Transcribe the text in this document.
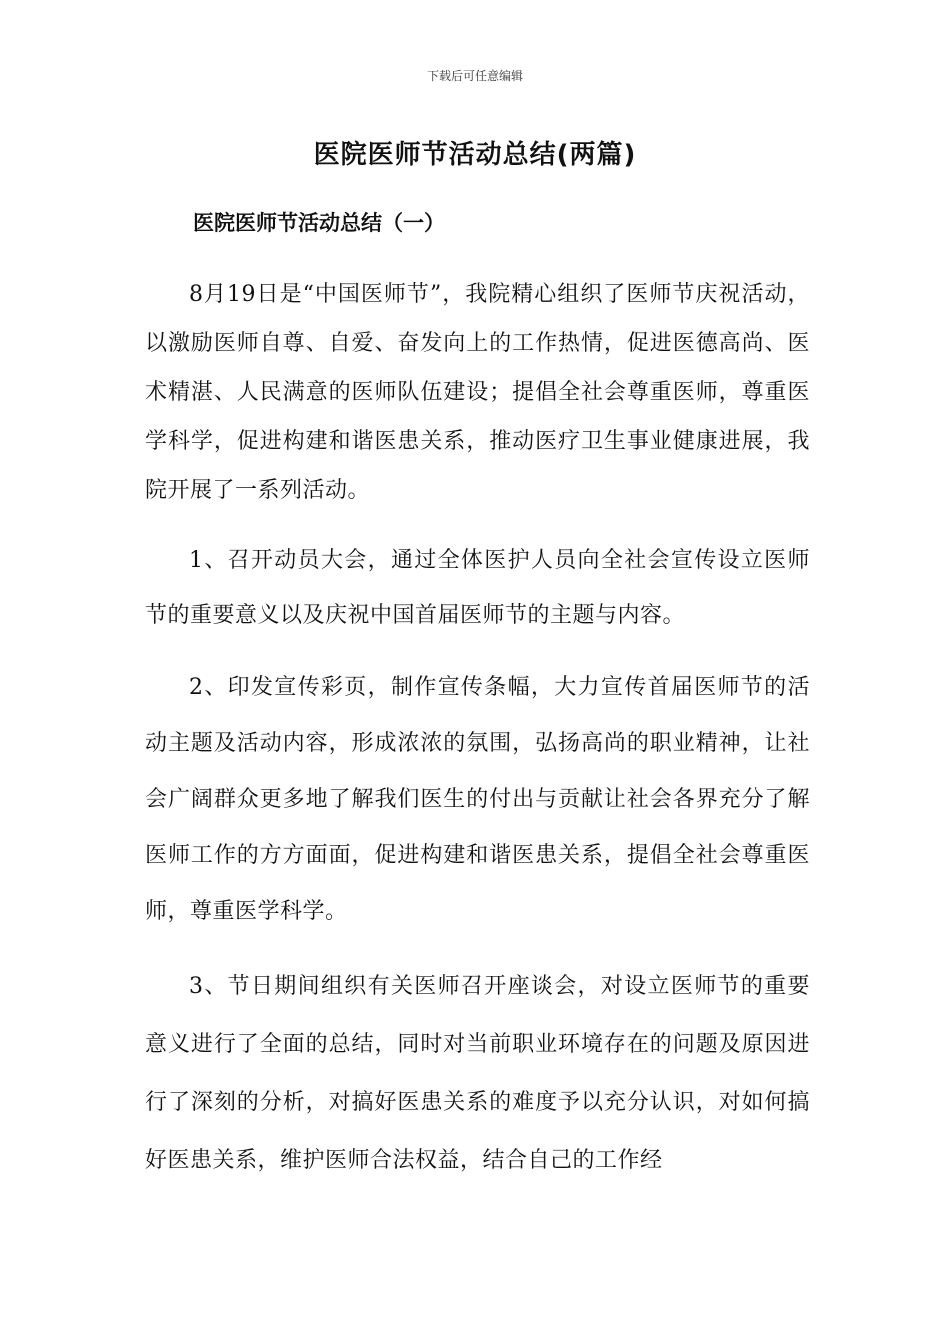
下载后可任意编辑
医院医师节活动总结(两篇)
医院医师节活动总结（一）

8月19日是“中国医师节”，我院精心组织了医师节庆祝活动，以激励医师自尊、自爱、奋发向上的工作热情，促进医德高尚、医术精湛、人民满意的医师队伍建设；提倡全社会尊重医师，尊重医学科学，促进构建和谐医患关系，推动医疗卫生事业健康进展，我院开展了一系列活动。

1、召开动员大会，通过全体医护人员向全社会宣传设立医师节的重要意义以及庆祝中国首届医师节的主题与内容。

2、印发宣传彩页，制作宣传条幅，大力宣传首届医师节的活动主题及活动内容，形成浓浓的氛围，弘扬高尚的职业精神，让社会广阔群众更多地了解我们医生的付出与贡献让社会各界充分了解医师工作的方方面面，促进构建和谐医患关系，提倡全社会尊重医师，尊重医学科学。

3、节日期间组织有关医师召开座谈会，对设立医师节的重要意义进行了全面的总结，同时对当前职业环境存在的问题及原因进行了深刻的分析，对搞好医患关系的难度予以充分认识，对如何搞好医患关系，维护医师合法权益，结合自己的工作经
